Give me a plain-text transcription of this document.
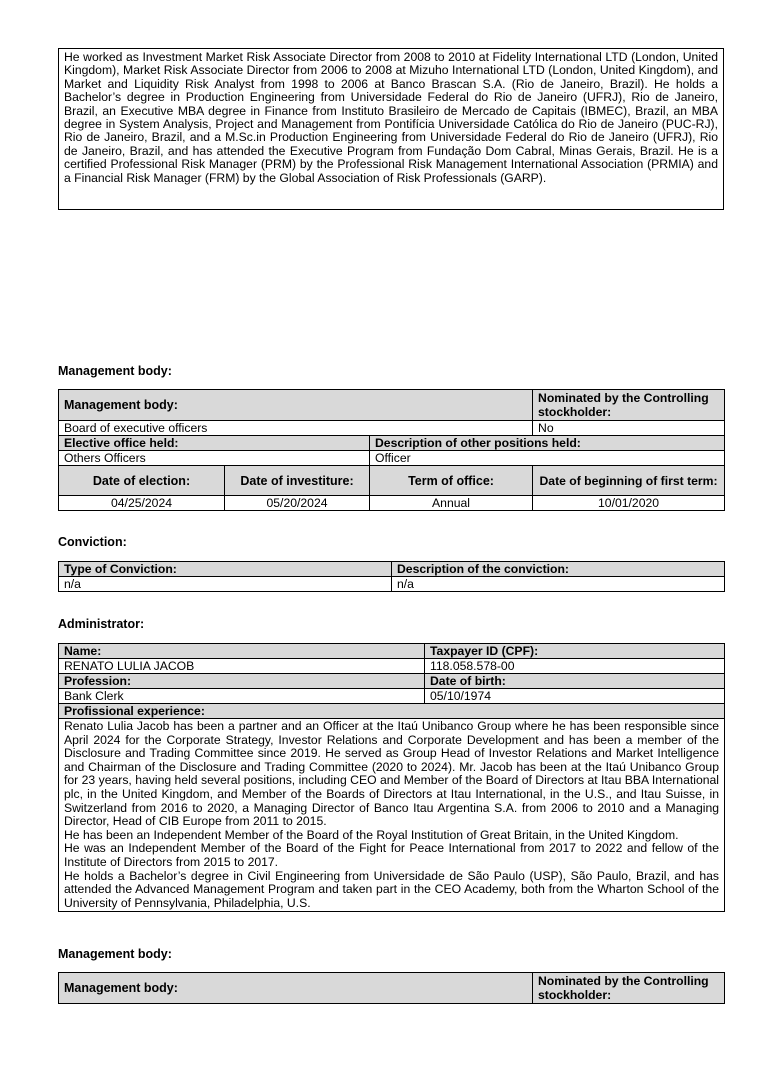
He worked as Investment Market Risk Associate Director from 2008 to 2010 at Fidelity International LTD (London, United Kingdom), Market Risk Associate Director from 2006 to 2008 at Mizuho International LTD (London, United Kingdom), and Market and Liquidity Risk Analyst from 1998 to 2006 at Banco Brascan S.A. (Rio de Janeiro, Brazil). He holds a Bachelor’s degree in Production Engineering from Universidade Federal do Rio de Janeiro (UFRJ), Rio de Janeiro, Brazil, an Executive MBA degree in Finance from Instituto Brasileiro de Mercado de Capitais (IBMEC), Brazil, an MBA degree in System Analysis, Project and Management from Pontifícia Universidade Católica do Rio de Janeiro (PUC-RJ), Rio de Janeiro, Brazil, and a M.Sc.in Production Engineering from Universidade Federal do Rio de Janeiro (UFRJ), Rio de Janeiro, Brazil, and has attended the Executive Program from Fundação Dom Cabral, Minas Gerais, Brazil. He is a certified Professional Risk Manager (PRM) by the Professional Risk Management International Association (PRMIA) and a Financial Risk Manager (FRM) by the Global Association of Risk Professionals (GARP).
Management body:
Management body:			Nominated by the Controlling stockholder:
Board of executive officers			No
Elective office held:		Description of other positions held:	
Others Officers		Officer	
Date of election:	Date of investiture:	Term of office:	Date of beginning of first term:
04/25/2024	05/20/2024	Annual	10/01/2020
Conviction:
Type of Conviction:	Description of the conviction:
n/a	n/a
Administrator:
Name:	Taxpayer ID (CPF):
RENATO LULIA JACOB	118.058.578-00
Profession:	Date of birth:
Bank Clerk	05/10/1974
Profissional experience:	

Renato Lulia Jacob has been a partner and an Officer at the Itaú Unibanco Group where he has been responsible since April 2024 for the Corporate Strategy, Investor Relations and Corporate Development and has been a member of the Disclosure and Trading Committee since 2019. He served as Group Head of Investor Relations and Market Intelligence and Chairman of the Disclosure and Trading Committee (2020 to 2024). Mr. Jacob has been at the Itaú Unibanco Group for 23 years, having held several positions, including CEO and Member of the Board of Directors at Itau BBA International plc, in the United Kingdom, and Member of the Boards of Directors at Itau International, in the U.S., and Itau Suisse, in Switzerland from 2016 to 2020, a Managing Director of Banco Itau Argentina S.A. from 2006 to 2010 and a Managing Director, Head of CIB Europe from 2011 to 2015.
He has been an Independent Member of the Board of the Royal Institution of Great Britain, in the United Kingdom.
He was an Independent Member of the Board of the Fight for Peace International from 2017 to 2022 and fellow of the Institute of Directors from 2015 to 2017.
He holds a Bachelor’s degree in Civil Engineering from Universidade de São Paulo (USP), São Paulo, Brazil, and has attended the Advanced Management Program and taken part in the CEO Academy, both from the Wharton School of the University of Pennsylvania, Philadelphia, U.S.	
Management body:
Management body:	Nominated by the Controlling stockholder:
